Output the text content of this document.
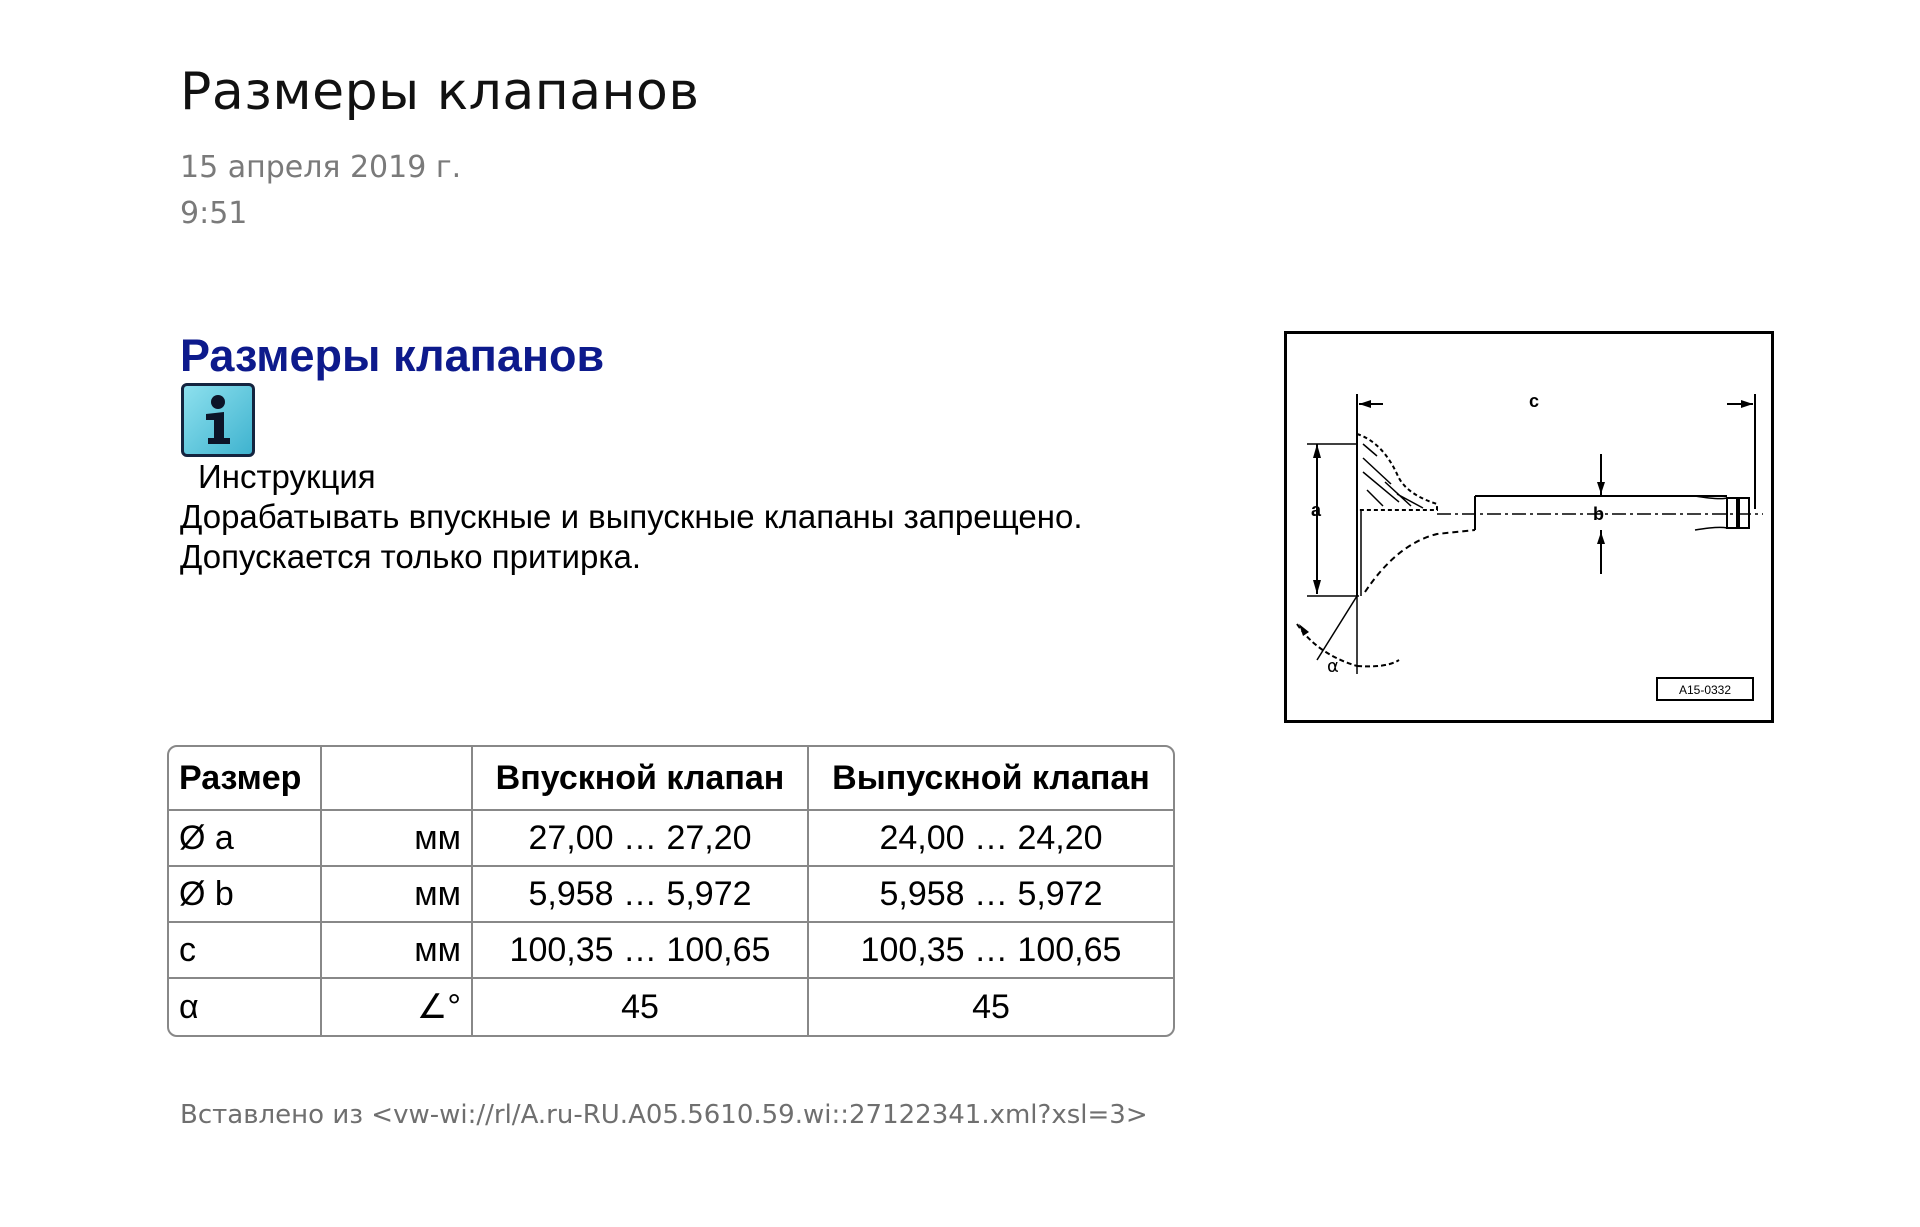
Размеры клапанов
15 апреля 2019 г.
9:51
Размеры клапанов
Инструкция
Дорабатывать впускные и выпускные клапаны запрещено.
Допускается только притирка.
c
a	b
α
A15-0332
Размер		Впускной клапан	Выпускной клапан
Ø a	мм	27,00 … 27,20	24,00 … 24,20
Ø b	мм	5,958 … 5,972	5,958 … 5,972
c	мм	100,35 … 100,65	100,35 … 100,65
α	∠°	45	45
Вставлено из <vw-wi://rl/A.ru-RU.A05.5610.59.wi::27122341.xml?xsl=3>
